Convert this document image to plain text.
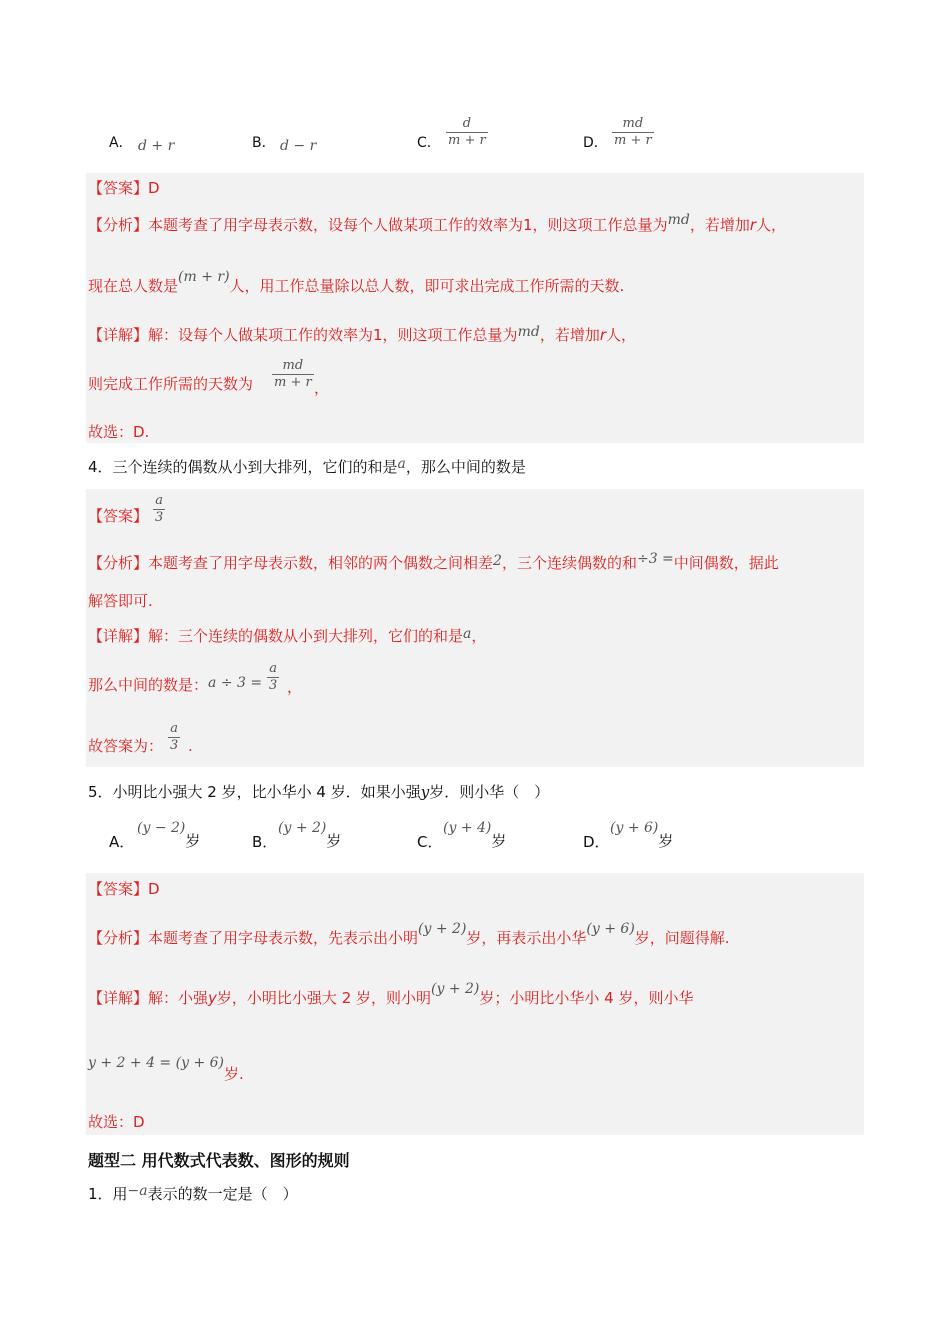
A． d + r	B． d − r	C． $\frac{d}{m + r}$	D． $\frac{md}{m + r}$
【答案】D
【分析】本题考查了用字母表示数，设每个人做某项工作的效率为1，则这项工作总量为md，若增加r人，
现在总人数是(m + r)人，用工作总量除以总人数，即可求出完成工作所需的天数.
【详解】解：设每个人做某项工作的效率为1，则这项工作总量为md，若增加r人，
则完成工作所需的天数为 $\frac{md}{m + r}$ ，
故选：D.
4．三个连续的偶数从小到大排列，它们的和是a，那么中间的数是
【答案】 $\frac{a}{3}$
【分析】本题考查了用字母表示数，相邻的两个偶数之间相差2，三个连续偶数的和÷3 =中间偶数，据此
解答即可.
【详解】解：三个连续的偶数从小到大排列，它们的和是a，
那么中间的数是：$a \div 3 = \frac{a}{3}$ ，
故答案为： $\frac{a}{3}$ .
5．小明比小强大 2 岁，比小华小 4 岁．如果小强y岁．则小华（　）
A．
(y − 2)岁	B．
(y + 2)岁	C．
(y + 4)岁	D．
(y + 6)岁
【答案】D
【分析】本题考查了用字母表示数，先表示出小明(y + 2)岁，再表示出小华(y + 6)岁，问题得解.
【详解】解：小强y岁，小明比小强大 2 岁，则小明(y + 2)岁；小明比小华小 4 岁，则小华
y + 2 + 4 = (y + 6)岁.
故选：D
题型二 用代数式代表数、图形的规则
1．用−a表示的数一定是（　）
